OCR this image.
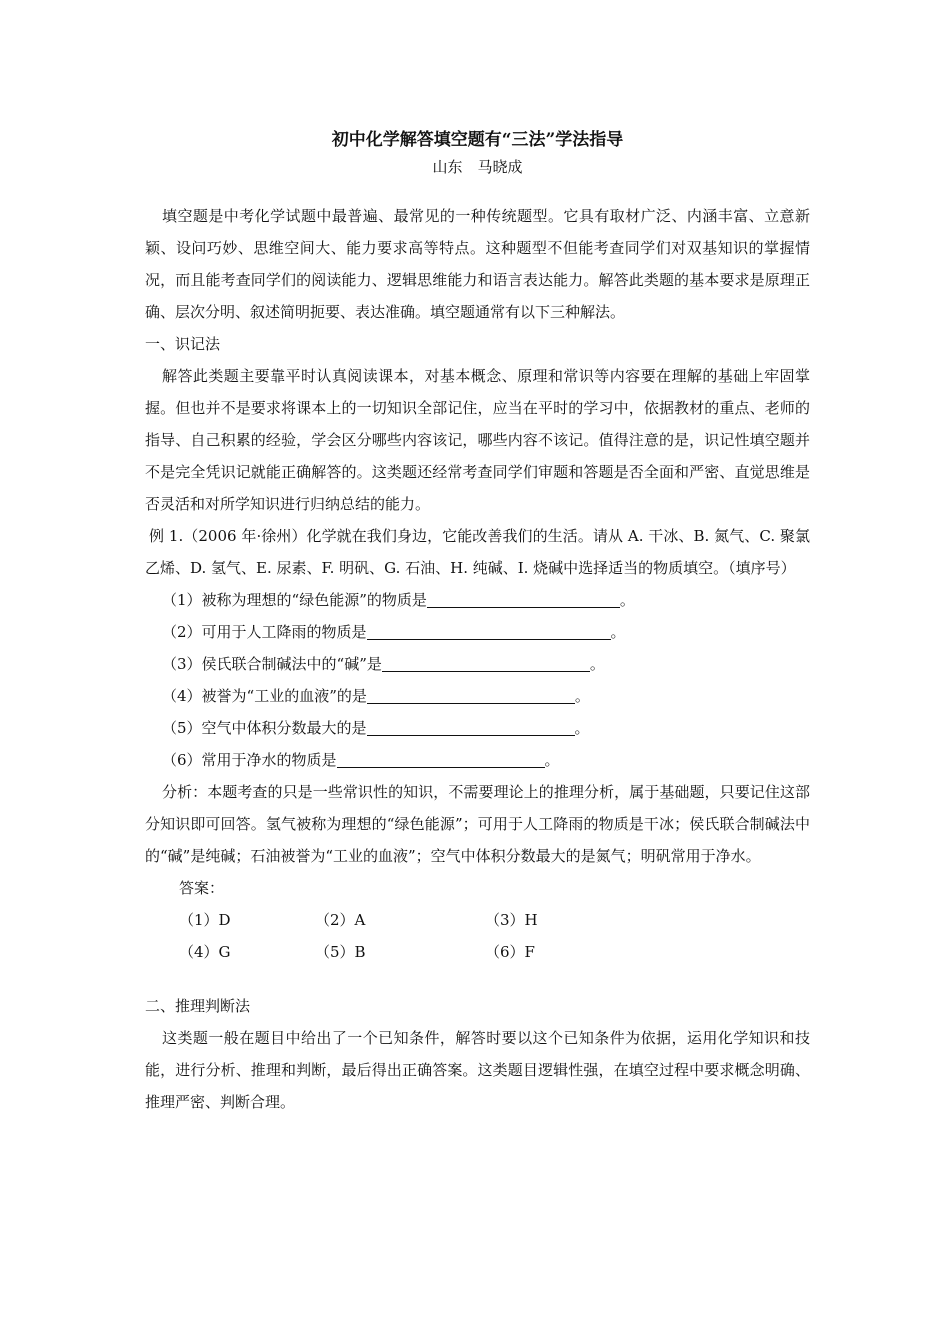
初中化学解答填空题有“三法”学法指导
山东　马晓成

填空题是中考化学试题中最普遍、最常见的一种传统题型。它具有取材广泛、内涵丰富、立意新颖、设问巧妙、思维空间大、能力要求高等特点。这种题型不但能考查同学们对双基知识的掌握情况，而且能考查同学们的阅读能力、逻辑思维能力和语言表达能力。解答此类题的基本要求是原理正确、层次分明、叙述简明扼要、表达准确。填空题通常有以下三种解法。

一、识记法

解答此类题主要靠平时认真阅读课本，对基本概念、原理和常识等内容要在理解的基础上牢固掌握。但也并不是要求将课本上的一切知识全部记住，应当在平时的学习中，依据教材的重点、老师的指导、自己积累的经验，学会区分哪些内容该记，哪些内容不该记。值得注意的是，识记性填空题并不是完全凭识记就能正确解答的。这类题还经常考查同学们审题和答题是否全面和严密、直觉思维是否灵活和对所学知识进行归纳总结的能力。

例 1.（2006 年·徐州）化学就在我们身边，它能改善我们的生活。请从 A. 干冰、B. 氮气、C. 聚氯乙烯、D. 氢气、E. 尿素、F. 明矾、G. 石油、H. 纯碱、I. 烧碱中选择适当的物质填空。（填序号）

（1）被称为理想的“绿色能源”的物质是	。
（2）可用于人工降雨的物质是	。
（3）侯氏联合制碱法中的“碱”是	。
（4）被誉为“工业的血液”的是	。
（5）空气中体积分数最大的是	。
（6）常用于净水的物质是	。

分析：本题考查的只是一些常识性的知识，不需要理论上的推理分析，属于基础题，只要记住这部分知识即可回答。氢气被称为理想的“绿色能源”；可用于人工降雨的物质是干冰；侯氏联合制碱法中的“碱”是纯碱；石油被誉为“工业的血液”；空气中体积分数最大的是氮气；明矾常用于净水。

答案：
（1）D	（2）A	（3）H
（4）G	（5）B	（6）F
二、推理判断法

这类题一般在题目中给出了一个已知条件，解答时要以这个已知条件为依据，运用化学知识和技能，进行分析、推理和判断，最后得出正确答案。这类题目逻辑性强，在填空过程中要求概念明确、推理严密、判断合理。
